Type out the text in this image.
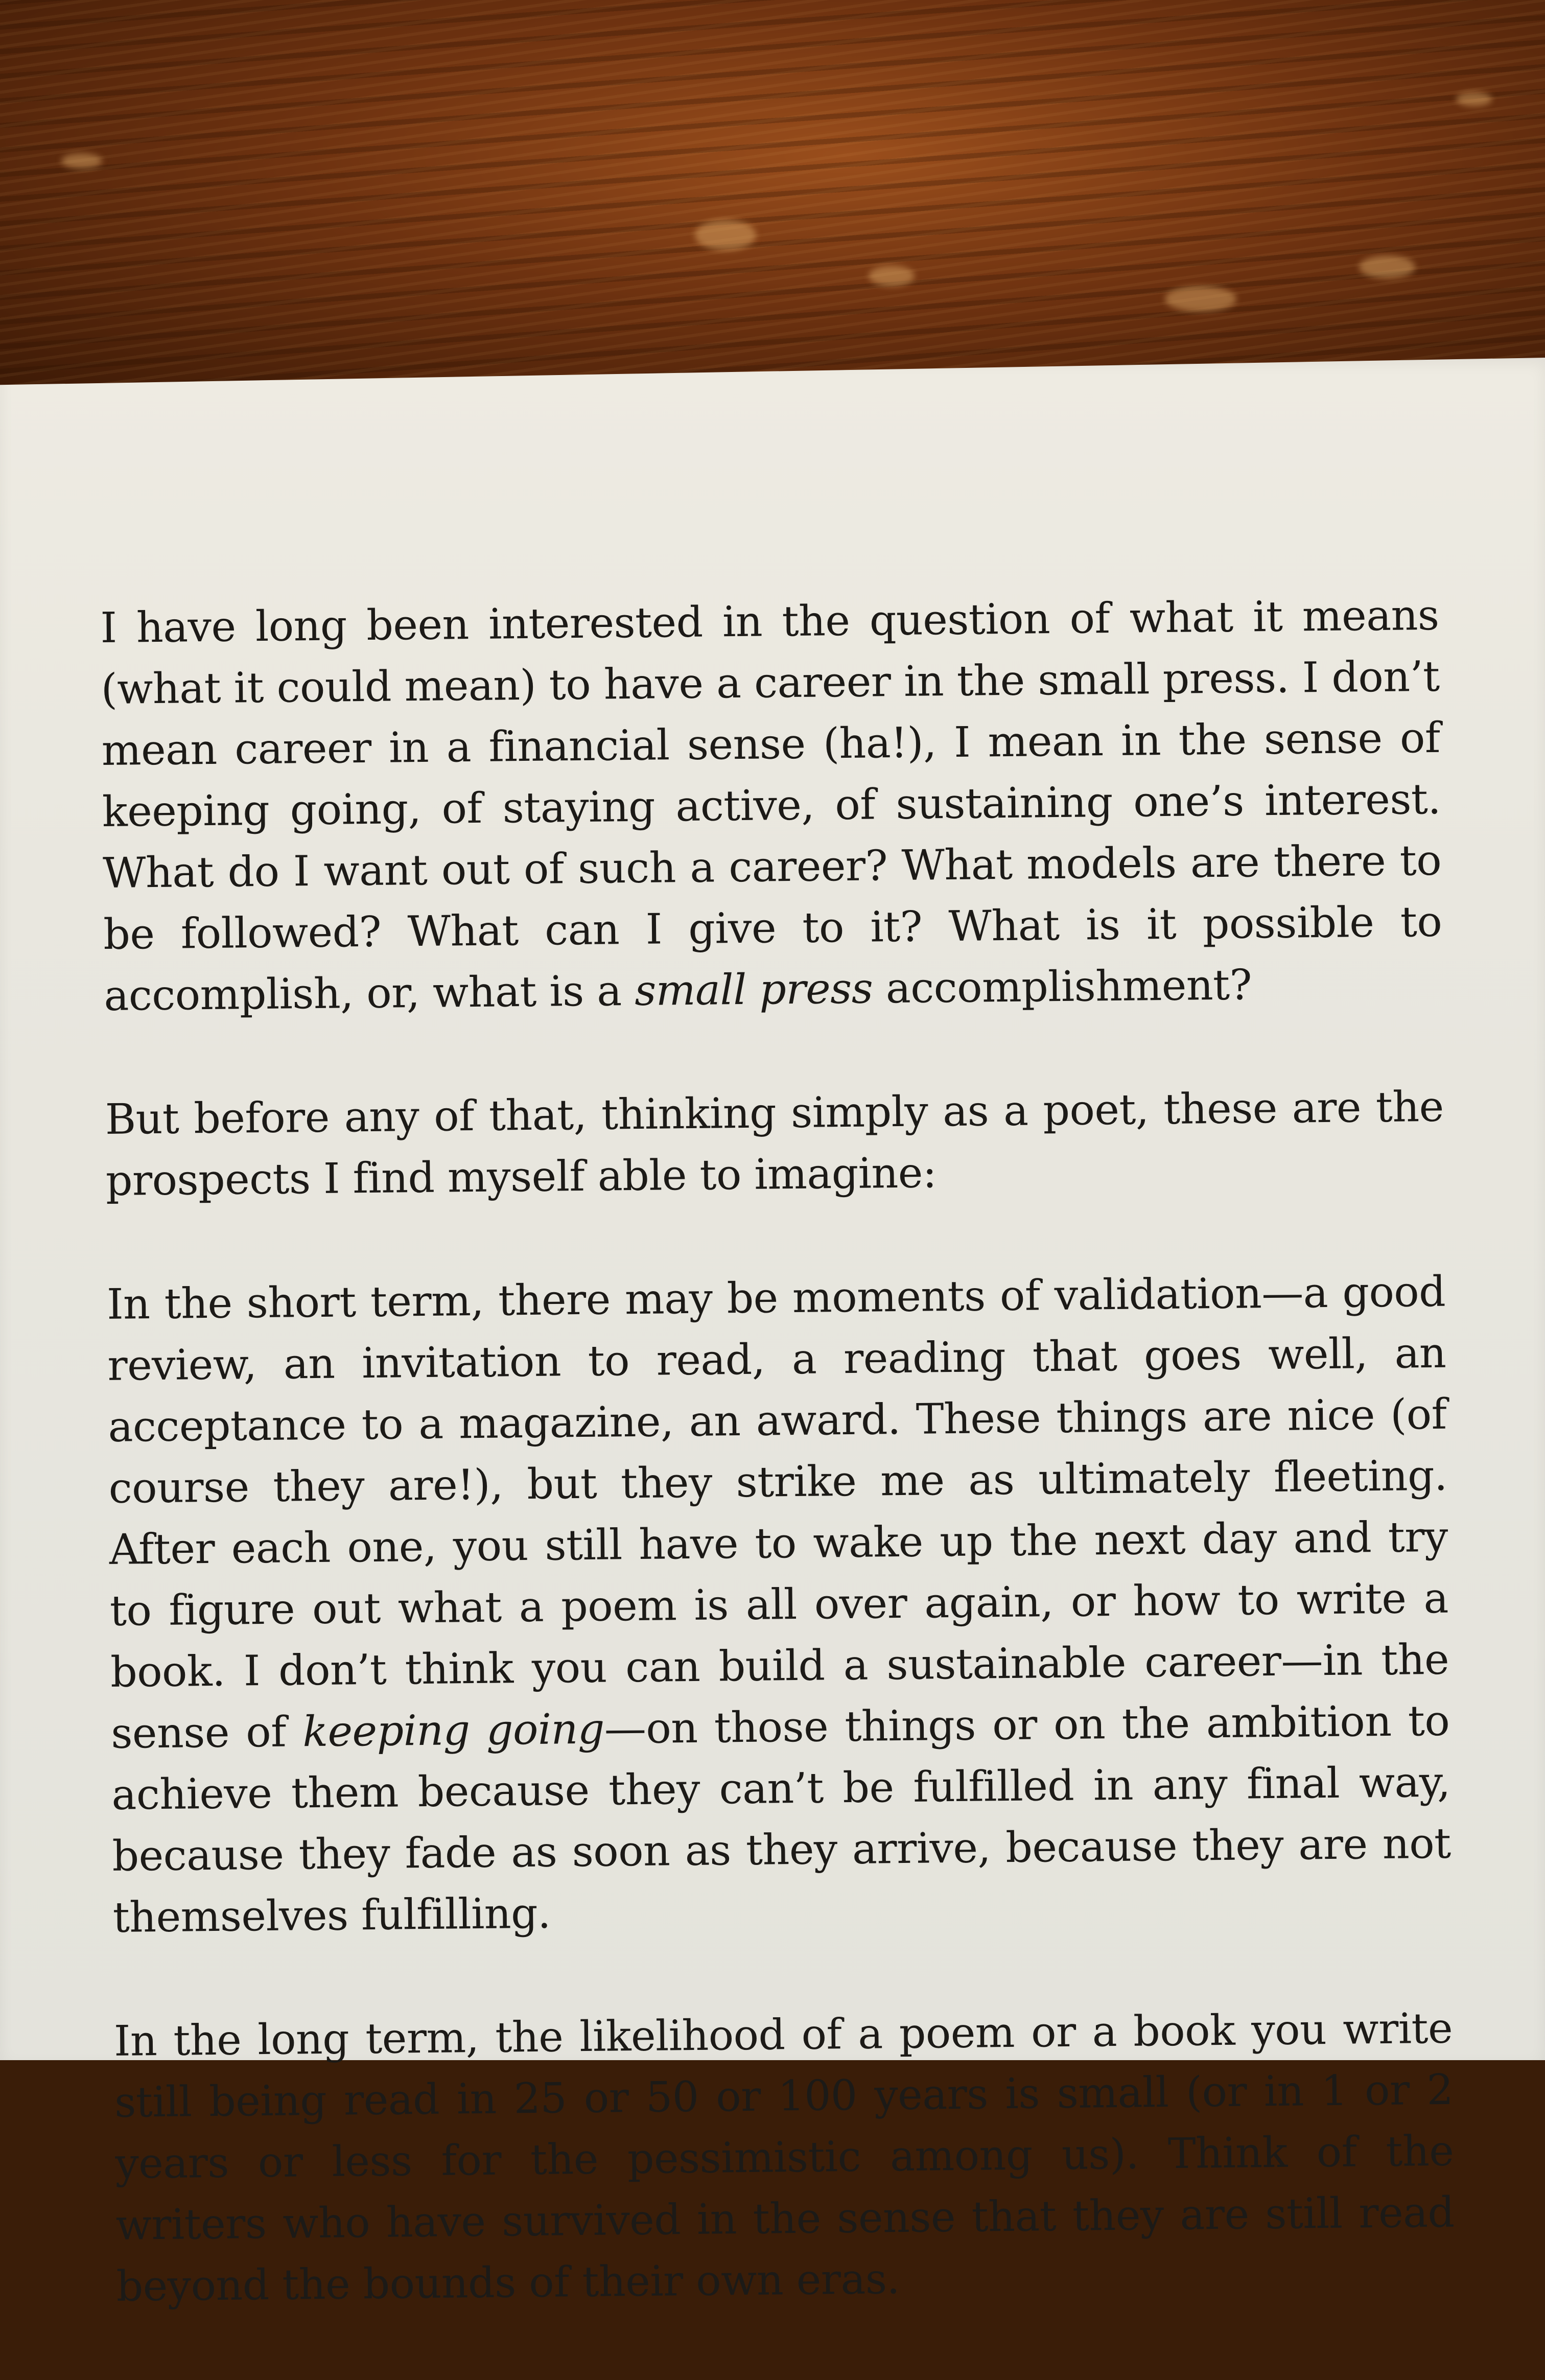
I have long been interested in the question of what it means (what it could mean) to have a career in the small press. I don’t mean career in a financial sense (ha!), I mean in the sense of keeping going, of staying active, of sustaining one’s interest. What do I want out of such a career? What models are there to be followed? What can I give to it? What is it possible to accomplish, or, what is a small press accomplishment?

But before any of that, thinking simply as a poet, these are the prospects I find myself able to imagine:

In the short term, there may be moments of validation—a good review, an invitation to read, a reading that goes well, an acceptance to a magazine, an award. These things are nice (of course they are!), but they strike me as ultimately fleeting. After each one, you still have to wake up the next day and try to figure out what a poem is all over again, or how to write a book. I don’t think you can build a sustainable career—in the sense of keeping going—on those things or on the ambition to achieve them because they can’t be fulfilled in any final way, because they fade as soon as they arrive, because they are not themselves fulfilling.

In the long term, the likelihood of a poem or a book you write still being read in 25 or 50 or 100 years is small (or in 1 or 2 years or less for the pessimistic among us). Think of the writers who have survived in the sense that they are still read beyond the bounds of their own eras.
